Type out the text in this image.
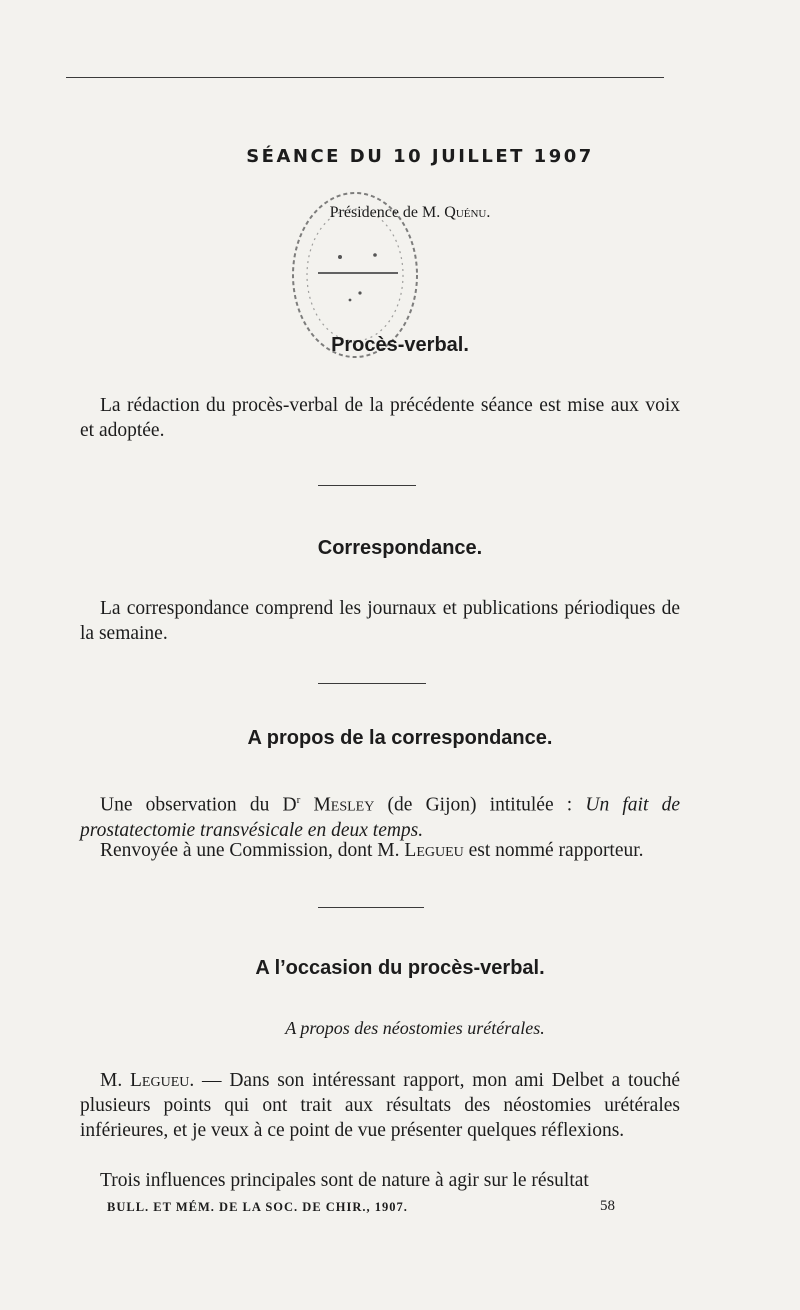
SÉANCE DU 10 JUILLET 1907
Présidence de M. Quénu.
Procès-verbal.
La rédaction du procès-verbal de la précédente séance est mise aux voix et adoptée.
Correspondance.
La correspondance comprend les journaux et publications périodiques de la semaine.
A propos de la correspondance.
Une observation du $D^r$ Mesley (de Gijon) intitulée : Un fait de prostatectomie transvésicale en deux temps.
Renvoyée à une Commission, dont M. Legueu est nommé rapporteur.
A l’occasion du procès-verbal.
A propos des néostomies urétérales.
M. Legueu. — Dans son intéressant rapport, mon ami Delbet a touché plusieurs points qui ont trait aux résultats des néostomies urétérales inférieures, et je veux à ce point de vue présenter quelques réflexions.
Trois influences principales sont de nature à agir sur le résultat
BULL. ET MÉM. DE LA SOC. DE CHIR., 1907.	58
